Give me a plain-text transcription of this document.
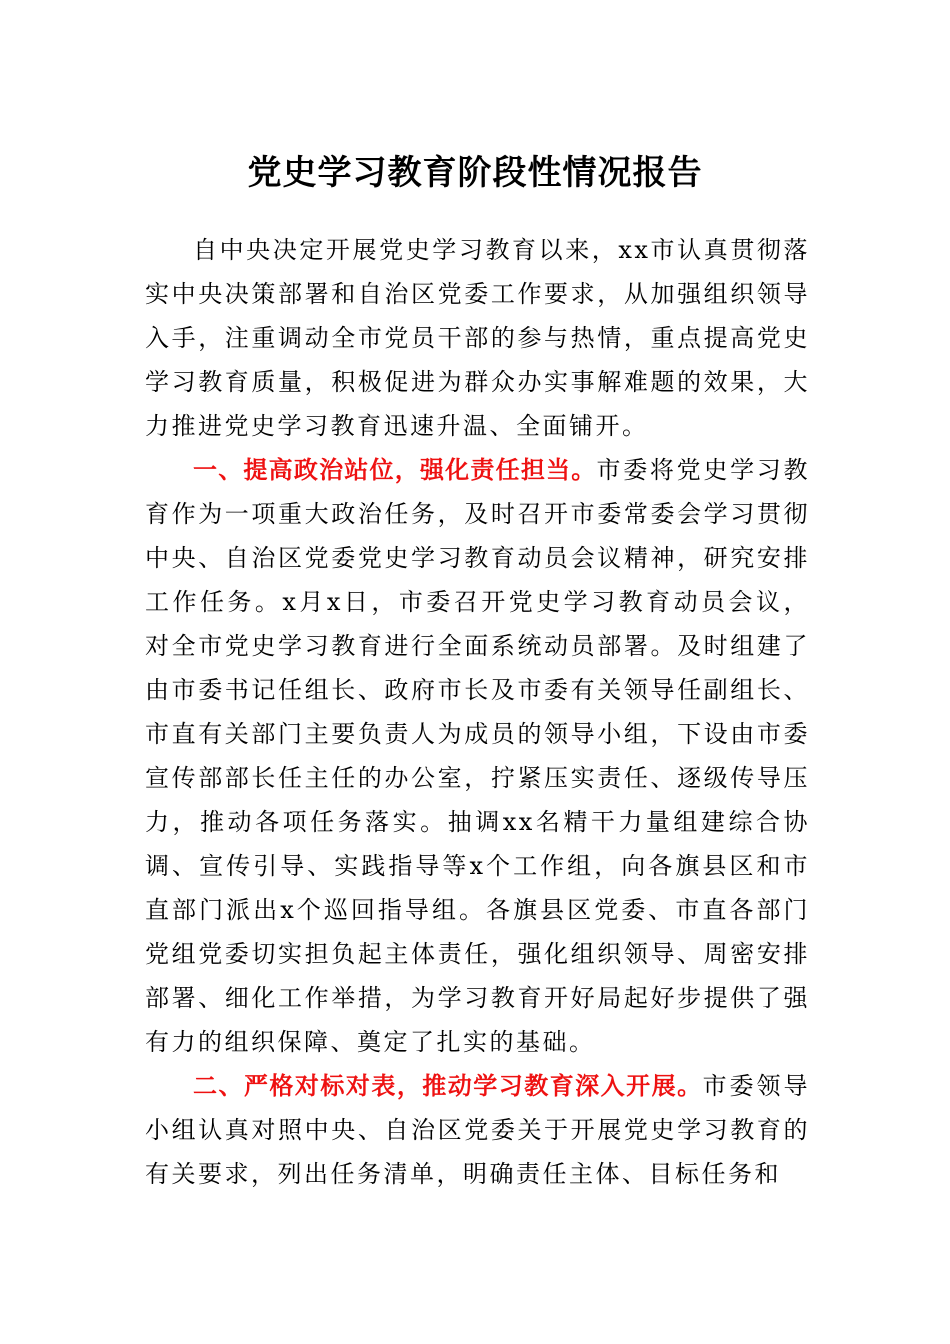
党史学习教育阶段性情况报告

自中央决定开展党史学习教育以来，xx市认真贯彻落实中央决策部署和自治区党委工作要求，从加强组织领导入手，注重调动全市党员干部的参与热情，重点提高党史学习教育质量，积极促进为群众办实事解难题的效果，大力推进党史学习教育迅速升温、全面铺开。

一、提高政治站位，强化责任担当。市委将党史学习教育作为一项重大政治任务，及时召开市委常委会学习贯彻中央、自治区党委党史学习教育动员会议精神，研究安排工作任务。x月x日，市委召开党史学习教育动员会议，对全市党史学习教育进行全面系统动员部署。及时组建了由市委书记任组长、政府市长及市委有关领导任副组长、市直有关部门主要负责人为成员的领导小组，下设由市委宣传部部长任主任的办公室，拧紧压实责任、逐级传导压力，推动各项任务落实。抽调xx名精干力量组建综合协调、宣传引导、实践指导等x个工作组，向各旗县区和市直部门派出x个巡回指导组。各旗县区党委、市直各部门党组党委切实担负起主体责任，强化组织领导、周密安排部署、细化工作举措，为学习教育开好局起好步提供了强有力的组织保障、奠定了扎实的基础。

二、严格对标对表，推动学习教育深入开展。市委领导小组认真对照中央、自治区党委关于开展党史学习教育的有关要求，列出任务清单，明确责任主体、目标任务和
